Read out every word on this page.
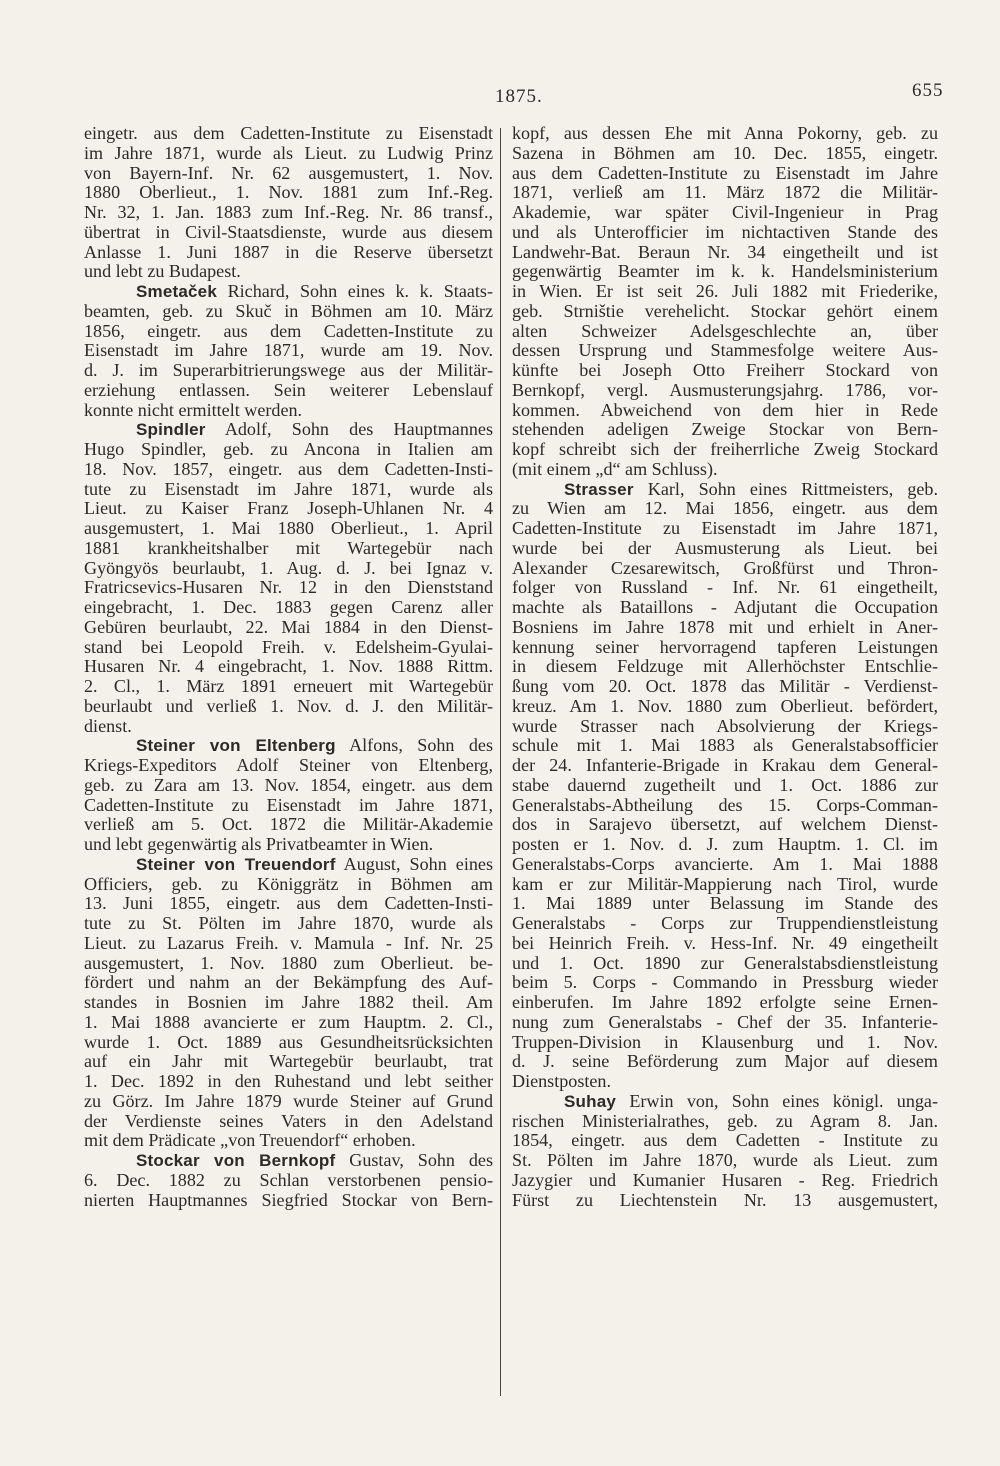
1875.	655
eingetr. aus dem Cadetten-Institute zu Eisenstadt
im Jahre 1871, wurde als Lieut. zu Ludwig Prinz
von Bayern-Inf. Nr. 62 ausgemustert, 1. Nov.
1880 Oberlieut., 1. Nov. 1881 zum Inf.-Reg.
Nr. 32, 1. Jan. 1883 zum Inf.-Reg. Nr. 86 transf.,
übertrat in Civil-Staatsdienste, wurde aus diesem
Anlasse 1. Juni 1887 in die Reserve übersetzt
und lebt zu Budapest.
Smetaček Richard, Sohn eines k. k. Staats-
beamten, geb. zu Skuč in Böhmen am 10. März
1856, eingetr. aus dem Cadetten-Institute zu
Eisenstadt im Jahre 1871, wurde am 19. Nov.
d. J. im Superarbitrierungswege aus der Militär-
erziehung entlassen. Sein weiterer Lebenslauf
konnte nicht ermittelt werden.
Spindler Adolf, Sohn des Hauptmannes
Hugo Spindler, geb. zu Ancona in Italien am
18. Nov. 1857, eingetr. aus dem Cadetten-Insti-
tute zu Eisenstadt im Jahre 1871, wurde als
Lieut. zu Kaiser Franz Joseph-Uhlanen Nr. 4
ausgemustert, 1. Mai 1880 Oberlieut., 1. April
1881 krankheitshalber mit Wartegebür nach
Gyöngyös beurlaubt, 1. Aug. d. J. bei Ignaz v.
Fratricsevics-Husaren Nr. 12 in den Dienststand
eingebracht, 1. Dec. 1883 gegen Carenz aller
Gebüren beurlaubt, 22. Mai 1884 in den Dienst-
stand bei Leopold Freih. v. Edelsheim-Gyulai-
Husaren Nr. 4 eingebracht, 1. Nov. 1888 Rittm.
2. Cl., 1. März 1891 erneuert mit Wartegebür
beurlaubt und verließ 1. Nov. d. J. den Militär-
dienst.
Steiner von Eltenberg Alfons, Sohn des
Kriegs-Expeditors Adolf Steiner von Eltenberg,
geb. zu Zara am 13. Nov. 1854, eingetr. aus dem
Cadetten-Institute zu Eisenstadt im Jahre 1871,
verließ am 5. Oct. 1872 die Militär-Akademie
und lebt gegenwärtig als Privatbeamter in Wien.
Steiner von Treuendorf August, Sohn eines
Officiers, geb. zu Königgrätz in Böhmen am
13. Juni 1855, eingetr. aus dem Cadetten-Insti-
tute zu St. Pölten im Jahre 1870, wurde als
Lieut. zu Lazarus Freih. v. Mamula - Inf. Nr. 25
ausgemustert, 1. Nov. 1880 zum Oberlieut. be-
fördert und nahm an der Bekämpfung des Auf-
standes in Bosnien im Jahre 1882 theil. Am
1. Mai 1888 avancierte er zum Hauptm. 2. Cl.,
wurde 1. Oct. 1889 aus Gesundheitsrücksichten
auf ein Jahr mit Wartegebür beurlaubt, trat
1. Dec. 1892 in den Ruhestand und lebt seither
zu Görz. Im Jahre 1879 wurde Steiner auf Grund
der Verdienste seines Vaters in den Adelstand
mit dem Prädicate „von Treuendorf“ erhoben.
Stockar von Bernkopf Gustav, Sohn des
6. Dec. 1882 zu Schlan verstorbenen pensio-
nierten Hauptmannes Siegfried Stockar von Bern-
kopf, aus dessen Ehe mit Anna Pokorny, geb. zu
Sazena in Böhmen am 10. Dec. 1855, eingetr.
aus dem Cadetten-Institute zu Eisenstadt im Jahre
1871, verließ am 11. März 1872 die Militär-
Akademie, war später Civil-Ingenieur in Prag
und als Unterofficier im nichtactiven Stande des
Landwehr-Bat. Beraun Nr. 34 eingetheilt und ist
gegenwärtig Beamter im k. k. Handelsministerium
in Wien. Er ist seit 26. Juli 1882 mit Friederike,
geb. Strništie verehelicht. Stockar gehört einem
alten Schweizer Adelsgeschlechte an, über
dessen Ursprung und Stammesfolge weitere Aus-
künfte bei Joseph Otto Freiherr Stockard von
Bernkopf, vergl. Ausmusterungsjahrg. 1786, vor-
kommen. Abweichend von dem hier in Rede
stehenden adeligen Zweige Stockar von Bern-
kopf schreibt sich der freiherrliche Zweig Stockard
(mit einem „d“ am Schluss).
Strasser Karl, Sohn eines Rittmeisters, geb.
zu Wien am 12. Mai 1856, eingetr. aus dem
Cadetten-Institute zu Eisenstadt im Jahre 1871,
wurde bei der Ausmusterung als Lieut. bei
Alexander Czesarewitsch, Großfürst und Thron-
folger von Russland - Inf. Nr. 61 eingetheilt,
machte als Bataillons - Adjutant die Occupation
Bosniens im Jahre 1878 mit und erhielt in Aner-
kennung seiner hervorragend tapferen Leistungen
in diesem Feldzuge mit Allerhöchster Entschlie-
ßung vom 20. Oct. 1878 das Militär - Verdienst-
kreuz. Am 1. Nov. 1880 zum Oberlieut. befördert,
wurde Strasser nach Absolvierung der Kriegs-
schule mit 1. Mai 1883 als Generalstabsofficier
der 24. Infanterie-Brigade in Krakau dem General-
stabe dauernd zugetheilt und 1. Oct. 1886 zur
Generalstabs-Abtheilung des 15. Corps-Comman-
dos in Sarajevo übersetzt, auf welchem Dienst-
posten er 1. Nov. d. J. zum Hauptm. 1. Cl. im
Generalstabs-Corps avancierte. Am 1. Mai 1888
kam er zur Militär-Mappierung nach Tirol, wurde
1. Mai 1889 unter Belassung im Stande des
Generalstabs - Corps zur Truppendienstleistung
bei Heinrich Freih. v. Hess-Inf. Nr. 49 eingetheilt
und 1. Oct. 1890 zur Generalstabsdienstleistung
beim 5. Corps - Commando in Pressburg wieder
einberufen. Im Jahre 1892 erfolgte seine Ernen-
nung zum Generalstabs - Chef der 35. Infanterie-
Truppen-Division in Klausenburg und 1. Nov.
d. J. seine Beförderung zum Major auf diesem
Dienstposten.
Suhay Erwin von, Sohn eines königl. unga-
rischen Ministerialrathes, geb. zu Agram 8. Jan.
1854, eingetr. aus dem Cadetten - Institute zu
St. Pölten im Jahre 1870, wurde als Lieut. zum
Jazygier und Kumanier Husaren - Reg. Friedrich
Fürst zu Liechtenstein Nr. 13 ausgemustert,
